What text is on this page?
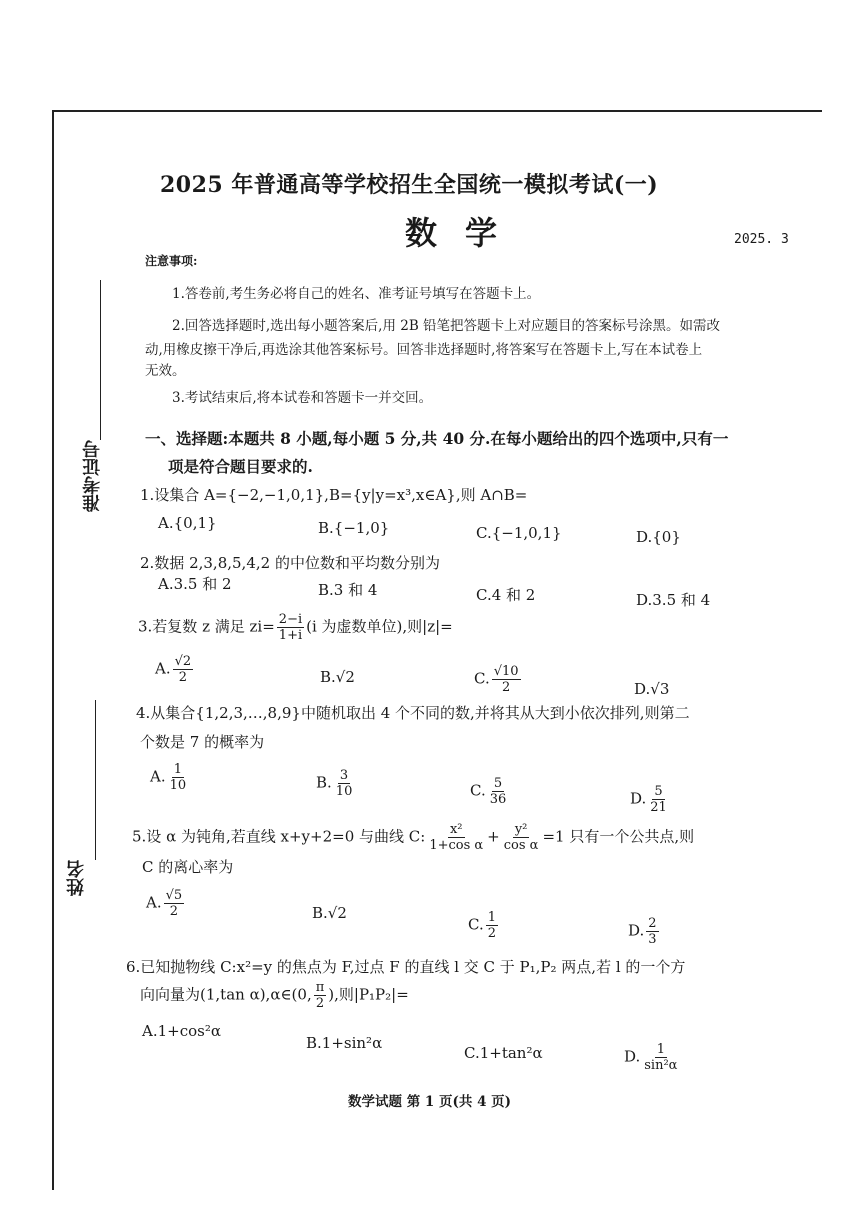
准考证号
姓名
2025 年普通高等学校招生全国统一模拟考试(一)
数学	2025. 3
注意事项:
1.答卷前,考生务必将自己的姓名、准考证号填写在答题卡上。
2.回答选择题时,选出每小题答案后,用 2B 铅笔把答题卡上对应题目的答案标号涂黑。如需改
动,用橡皮擦干净后,再选涂其他答案标号。回答非选择题时,将答案写在答题卡上,写在本试卷上
无效。
3.考试结束后,将本试卷和答题卡一并交回。
一、选择题:本题共 8 小题,每小题 5 分,共 40 分.在每小题给出的四个选项中,只有一
项是符合题目要求的.
1.设集合 A={−2,−1,0,1},B={y|y=x³,x∈A},则 A∩B=
A.{0,1}	B.{−1,0}	C.{−1,0,1}	D.{0}
2.数据 2,3,8,5,4,2 的中位数和平均数分别为
A.3.5 和 2	B.3 和 4	C.4 和 2	D.3.5 和 4
3.若复数 z 满足 $zi= \frac{2-i}{1+i} (i$ 为虚数单位),则|z|=
A. $\frac{√2}{2}$	B.√2	C. $\frac{√10}{2}$	D.√3
4.从集合{1,2,3,…,8,9}中随机取出 4 个不同的数,并将其从大到小依次排列,则第二
个数是 7 的概率为
A. $\frac{1}{10}$	B. $\frac{3}{10}$	C. $\frac{5}{36}$	D. $\frac{5}{21}$
5.设 α 为钝角,若直线 x+y+2=0 与曲线 C: $\frac{\text{x²}}{\text{1+cos α}} + \frac{\text{y²}}{\text{cos α}} =1$ 只有一个公共点,则
C 的离心率为
A. $\frac{√5}{2}$	B.√2
C. $\frac{1}{2}$	D. $\frac{2}{3}$
6.已知抛物线 C:x²=y 的焦点为 F,过点 F 的直线 l 交 C 于 P₁,P₂ 两点,若 l 的一个方
向向量为(1,tan α),α∈(0, $\frac{\pi}{2}$ ),则|P₁P₂|=
A.1+cos²α
B.1+sin²α
C.1+tan²α	D. $\frac{1}{\text{sin²α}}$
数学试题 第 1 页(共 4 页)
